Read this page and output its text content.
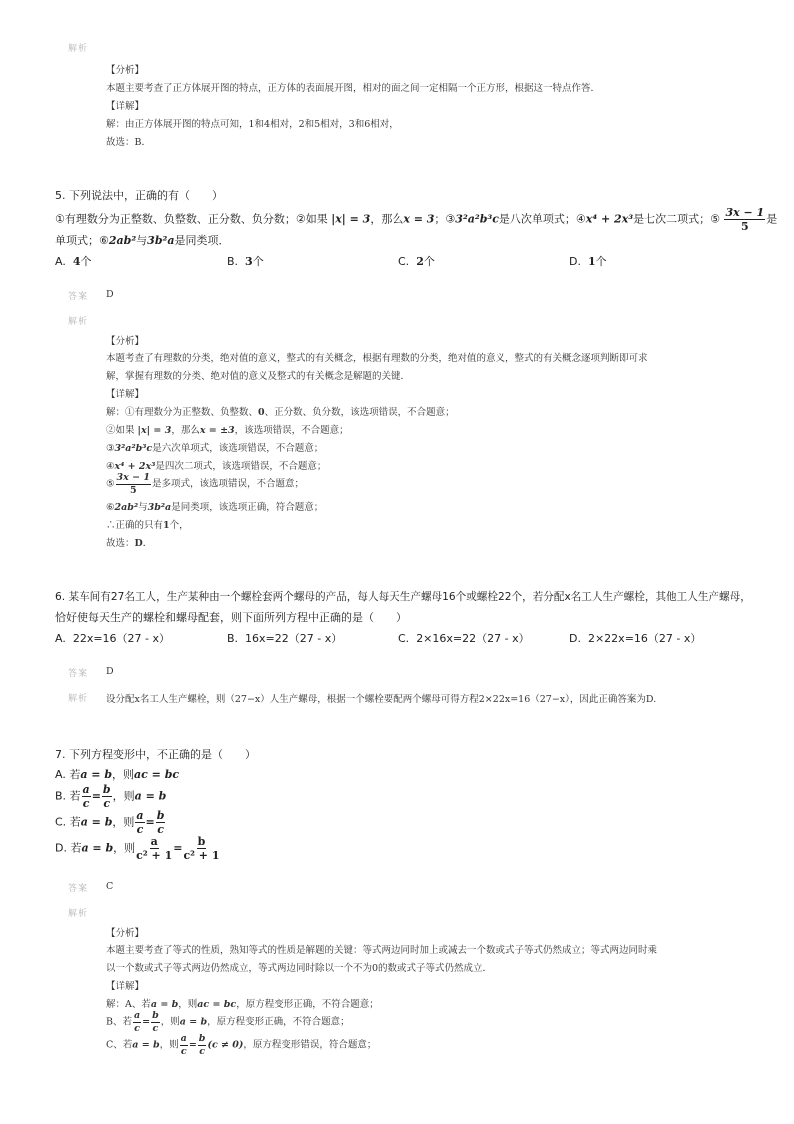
解析
【分析】
本题主要考查了正方体展开图的特点，正方体的表面展开图，相对的面之间一定相隔一个正方形，根据这一特点作答．
【详解】
解：由正方体展开图的特点可知，1和4相对，2和5相对，3和6相对，
故选：B．
5. 下列说法中，正确的有（　　）
①有理数分为正整数、负整数、正分数、负分数；②如果 |x| = 3，那么x = 3；③3²a²b³c是八次单项式；④x⁴ + 2x³是七次二项式；⑤ $\frac{3x - 1}{5}$ 是
单项式；⑥2ab²与3b²a是同类项．
A. 4个	B. 3个	C. 2个	D. 1个
答案 D
解析
【分析】
本题考查了有理数的分类，绝对值的意义，整式的有关概念，根据有理数的分类，绝对值的意义，整式的有关概念逐项判断即可求
解，掌握有理数的分类、绝对值的意义及整式的有关概念是解题的关键．
【详解】
解：①有理数分为正整数、负整数、0、正分数、负分数，该选项错误，不合题意；
②如果 |x| = 3，那么x = ±3，该选项错误，不合题意；
③3²a²b³c是六次单项式，该选项错误，不合题意；
④x⁴ + 2x³是四次二项式，该选项错误，不合题意；
⑤ $\frac{3x - 1}{5}$ 是多项式，该选项错误，不合题意；
⑥2ab²与3b²a是同类项，该选项正确，符合题意；
∴正确的只有1个，
故选：D．
6. 某车间有27名工人，生产某种由一个螺栓套两个螺母的产品，每人每天生产螺母16个或螺栓22个，若分配x名工人生产螺栓，其他工人生产螺母，
恰好使每天生产的螺栓和螺母配套，则下面所列方程中正确的是（　　）
A. 22x=16（27 - x）	B. 16x=22（27 - x）	C. 2×16x=22（27 - x）	D. 2×22x=16（27 - x）
答案 D
解析 设分配x名工人生产螺栓，则（27−x）人生产螺母，根据一个螺栓要配两个螺母可得方程2×22x=16（27−x），因此正确答案为D.
7. 下列方程变形中，不正确的是（　　）
A. 若a = b，则ac = bc
B. 若 $\frac{a}{c} = \frac{b}{c}$ ，则a = b
C. 若a = b，则 $\frac{a}{c} = \frac{b}{c}$
D. 若a = b，则 $\frac{a}{\text{c² + 1}} = \frac{b}{\text{c² + 1}}$
答案 C
解析
【分析】
本题主要考查了等式的性质，熟知等式的性质是解题的关键：等式两边同时加上或减去一个数或式子等式仍然成立；等式两边同时乘
以一个数或式子等式两边仍然成立，等式两边同时除以一个不为0的数或式子等式仍然成立．
【详解】
解：A、若a = b，则ac = bc，原方程变形正确，不符合题意；
B、若 $\frac{a}{c} = \frac{b}{c}$ ，则a = b，原方程变形正确，不符合题意；
C、若a = b，则 $\frac{a}{c} = \frac{b}{c} (c \ne 0)$，原方程变形错误，符合题意；
